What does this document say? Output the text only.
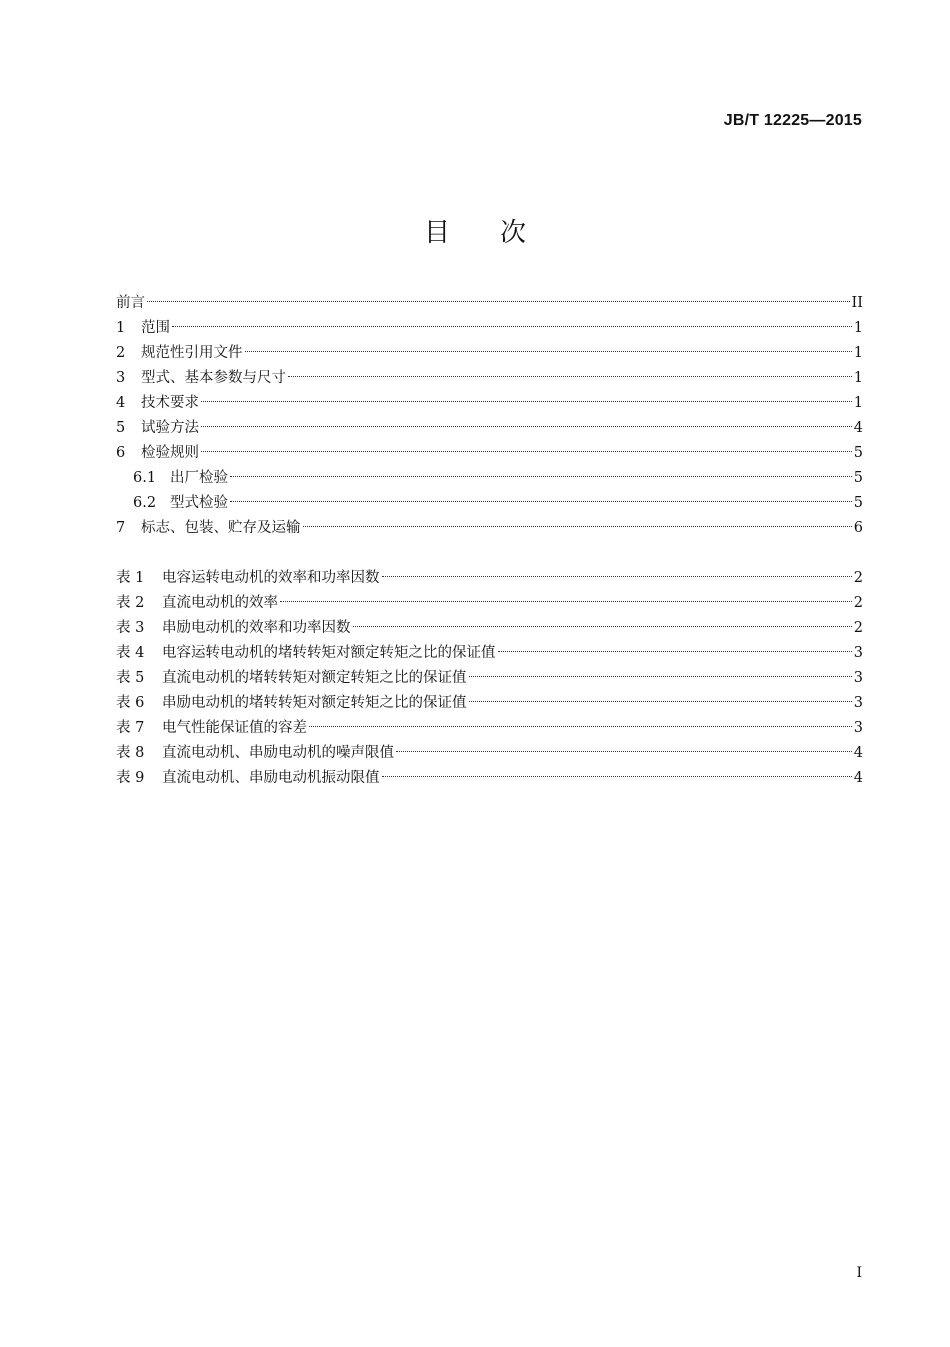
JB/T 12225—2015
目 次
前言	II
1	范围	1
2	规范性引用文件	1
3	型式、基本参数与尺寸	1
4	技术要求	1
5	试验方法	4
6	检验规则	5
6.1 出厂检验	5
6.2 型式检验	5
7	标志、包装、贮存及运输	6
表 1	电容运转电动机的效率和功率因数	2
表 2	直流电动机的效率	2
表 3	串励电动机的效率和功率因数	2
表 4	电容运转电动机的堵转转矩对额定转矩之比的保证值	3
表 5	直流电动机的堵转转矩对额定转矩之比的保证值	3
表 6	串励电动机的堵转转矩对额定转矩之比的保证值	3
表 7	电气性能保证值的容差	3
表 8	直流电动机、串励电动机的噪声限值	4
表 9	直流电动机、串励电动机振动限值	4
I
